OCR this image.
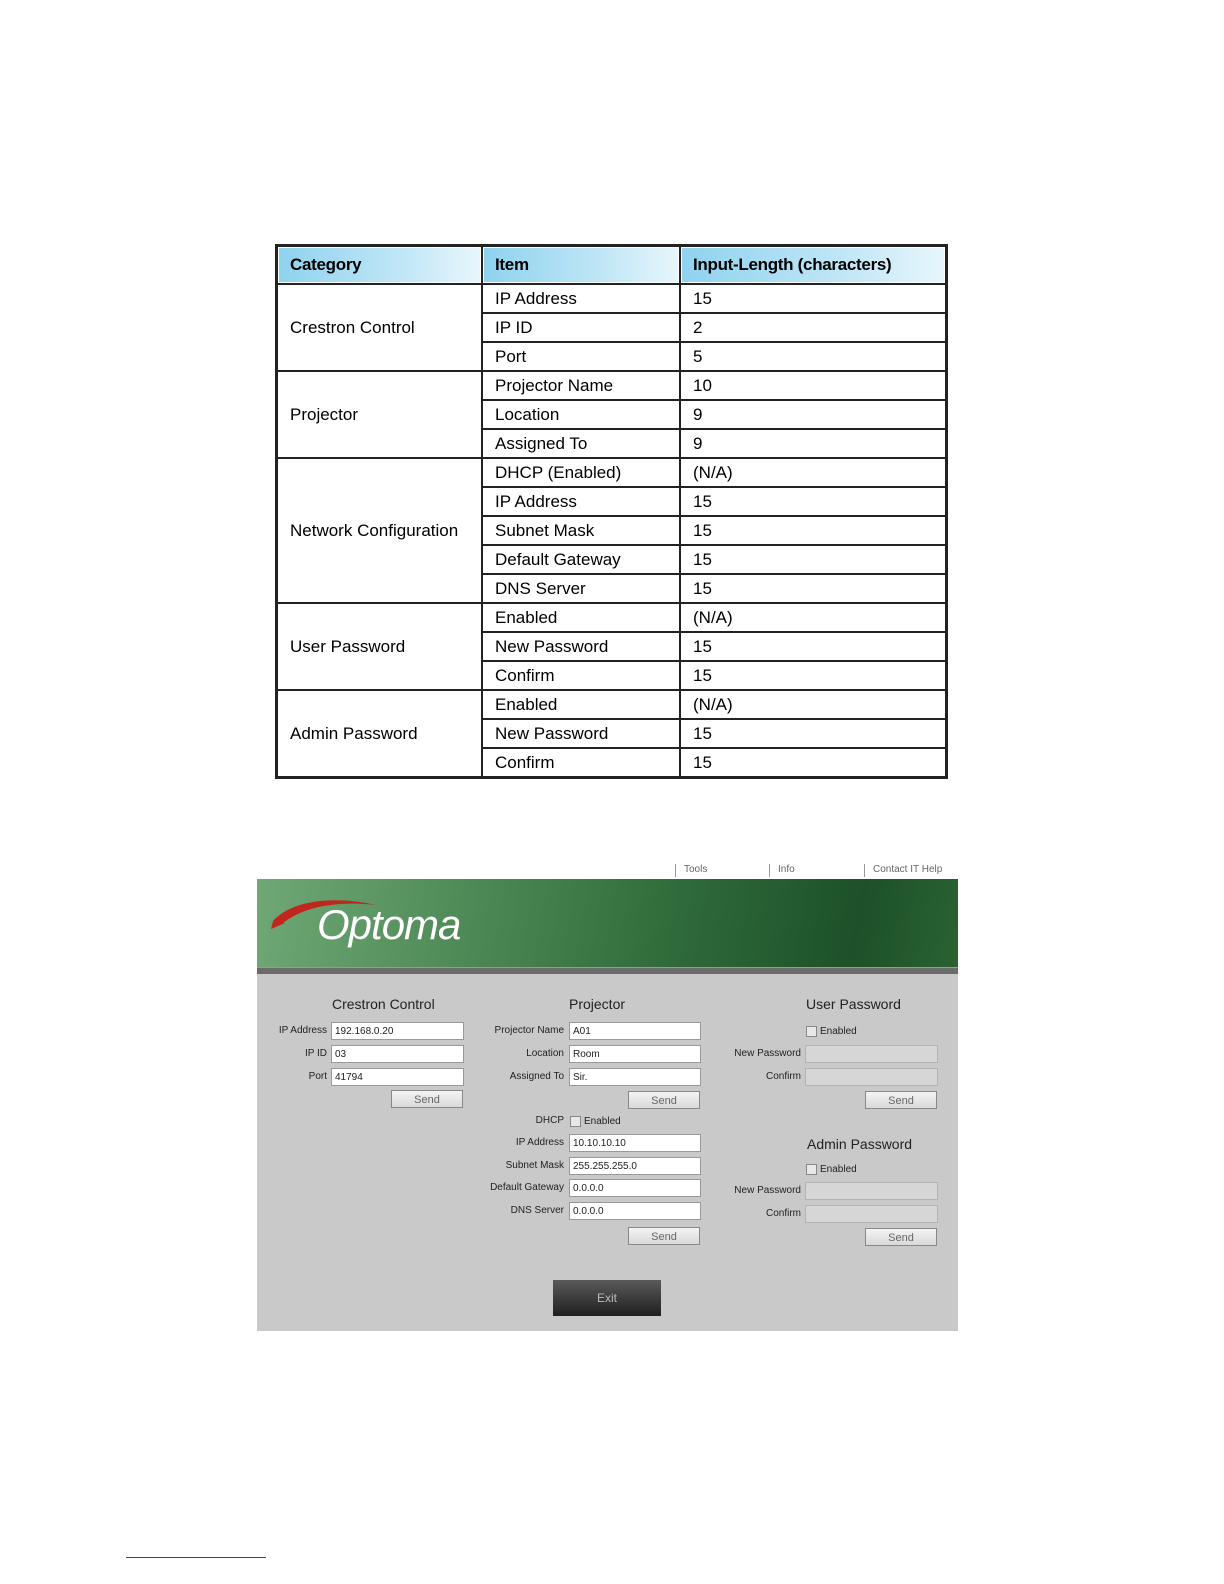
Category	Item	Input-Length (characters)
Crestron Control	IP Address	15
	IP ID	2
	Port	5
Projector	Projector Name	10
	Location	9
	Assigned To	9
Network Configuration	DHCP (Enabled)	(N/A)
	IP Address	15
	Subnet Mask	15
	Default Gateway	15
	DNS Server	15
User Password	Enabled	(N/A)
	New Password	15
	Confirm	15
Admin Password	Enabled	(N/A)
	New Password	15
	Confirm	15
Tools	Info	Contact IT Help
Optoma
Crestron Control
IP Address 192.168.0.20
IP ID 03
Port 41794
Send
Projector
Projector Name A01
Location Room
Assigned To Sir.
Send
DHCP Enabled
IP Address 10.10.10.10
Subnet Mask 255.255.255.0
Default Gateway 0.0.0.0
DNS Server 0.0.0.0
Send
User Password
Enabled
New Password
Confirm
Send
Admin Password
Enabled
New Password
Confirm
Send
Exit
